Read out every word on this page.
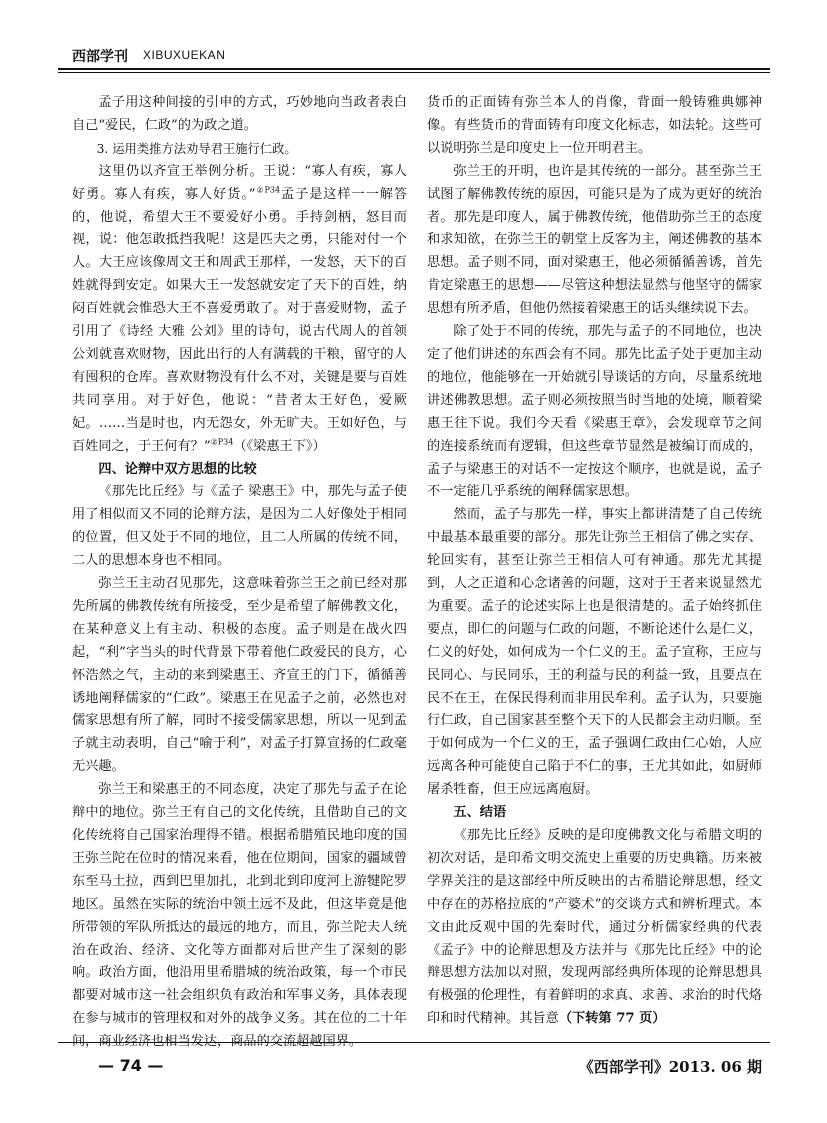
西部学刊 XIBUXUEKAN

孟子用这种间接的引申的方式，巧妙地向当政者表白自己“爱民，仁政”的为政之道。

3. 运用类推方法劝导君王施行仁政。

这里仍以齐宣王举例分析。王说：“寡人有疾，寡人好勇。寡人有疾，寡人好货。”$^{②P34}$孟子是这样一一解答的，他说，希望大王不要爱好小勇。手持剑柄，怒目而视，说：他怎敢抵挡我呢！这是匹夫之勇，只能对付一个人。大王应该像周文王和周武王那样，一发怒，天下的百姓就得到安定。如果大王一发怒就安定了天下的百姓，纳闷百姓就会惟恐大王不喜爱勇敢了。对于喜爱财物，孟子引用了《诗经 大雅 公刘》里的诗句，说古代周人的首领公刘就喜欢财物，因此出行的人有满载的干粮，留守的人有囤积的仓库。喜欢财物没有什么不对，关键是要与百姓共同享用。对于好色，他说：“昔者太王好色，爱厥妃。……当是时也，内无怨女，外无旷夫。王如好色，与百姓同之，于王何有？”$^{②P34}$（《梁惠王下》）

四、论辩中双方思想的比较

《那先比丘经》与《孟子 梁惠王》中，那先与孟子使用了相似而又不同的论辩方法，是因为二人好像处于相同的位置，但又处于不同的地位，且二人所属的传统不同，二人的思想本身也不相同。

弥兰王主动召见那先，这意味着弥兰王之前已经对那先所属的佛教传统有所接受，至少是希望了解佛教文化，在某种意义上有主动、积极的态度。孟子则是在战火四起，“利”字当头的时代背景下带着他仁政爱民的良方，心怀浩然之气，主动的来到梁惠王、齐宣王的门下，循循善诱地阐释儒家的“仁政”。梁惠王在见孟子之前，必然也对儒家思想有所了解，同时不接受儒家思想，所以一见到孟子就主动表明，自己“喻于利”，对孟子打算宣扬的仁政毫无兴趣。

弥兰王和梁惠王的不同态度，决定了那先与孟子在论辩中的地位。弥兰王有自己的文化传统，且借助自己的文化传统将自己国家治理得不错。根据希腊殖民地印度的国王弥兰陀在位时的情况来看，他在位期间，国家的疆域曾东至马土拉，西到巴里加扎，北到北到印度河上游犍陀罗地区。虽然在实际的统治中领土远不及此，但这毕竟是他所带领的军队所抵达的最远的地方，而且，弥兰陀夫人统治在政治、经济、文化等方面都对后世产生了深刻的影响。政治方面，他沿用里希腊城的统治政策，每一个市民都要对城市这一社会组织负有政治和军事义务，具体表现在参与城市的管理权和对外的战争义务。其在位的二十年间，商业经济也相当发达，商品的交流超越国界。

货币的正面铸有弥兰本人的肖像，背面一般铸雅典娜神像。有些货币的背面铸有印度文化标志，如法轮。这些可以说明弥兰是印度史上一位开明君主。

弥兰王的开明，也许是其传统的一部分。甚至弥兰王试图了解佛教传统的原因，可能只是为了成为更好的统治者。那先是印度人，属于佛教传统，他借助弥兰王的态度和求知欲，在弥兰王的朝堂上反客为主，阐述佛教的基本思想。孟子则不同，面对梁惠王，他必须循循善诱，首先肯定梁惠王的思想——尽管这种想法显然与他坚守的儒家思想有所矛盾，但他仍然接着梁惠王的话头继续说下去。

除了处于不同的传统，那先与孟子的不同地位，也决定了他们讲述的东西会有不同。那先比孟子处于更加主动的地位，他能够在一开始就引导谈话的方向，尽量系统地讲述佛教思想。孟子则必须按照当时当地的处境，顺着梁惠王往下说。我们今天看《梁惠王章》，会发现章节之间的连接系统而有逻辑，但这些章节显然是被编订而成的，孟子与梁惠王的对话不一定按这个顺序，也就是说，孟子不一定能几乎系统的阐释儒家思想。

然而，孟子与那先一样，事实上都讲清楚了自己传统中最基本最重要的部分。那先让弥兰王相信了佛之实存、轮回实有，甚至让弥兰王相信人可有神通。那先尤其提到，人之正道和心念诸善的问题，这对于王者来说显然尤为重要。孟子的论述实际上也是很清楚的。孟子始终抓住要点，即仁的问题与仁政的问题，不断论述什么是仁义，仁义的好处，如何成为一个仁义的王。孟子宣称，王应与民同心、与民同乐，王的利益与民的利益一致，且要点在民不在王，在保民得利而非用民牟利。孟子认为，只要施行仁政，自己国家甚至整个天下的人民都会主动归顺。至于如何成为一个仁义的王，孟子强调仁政由仁心始，人应远离各种可能使自己陷于不仁的事，王尤其如此，如厨师屠杀牲畜，但王应远离庖厨。

五、结语

《那先比丘经》反映的是印度佛教文化与希腊文明的初次对话，是印希文明交流史上重要的历史典籍。历来被学界关注的是这部经中所反映出的古希腊论辩思想，经文中存在的苏格拉底的“产婆术”的交谈方式和辨析理式。本文由此反观中国的先秦时代，通过分析儒家经典的代表《孟子》中的论辩思想及方法并与《那先比丘经》中的论辩思想方法加以对照，发现两部经典所体现的论辩思想具有极强的伦理性，有着鲜明的求真、求善、求治的时代烙印和时代精神。其旨意（下转第 77 页）

— 74 —	《西部学刊》2013. 06 期
